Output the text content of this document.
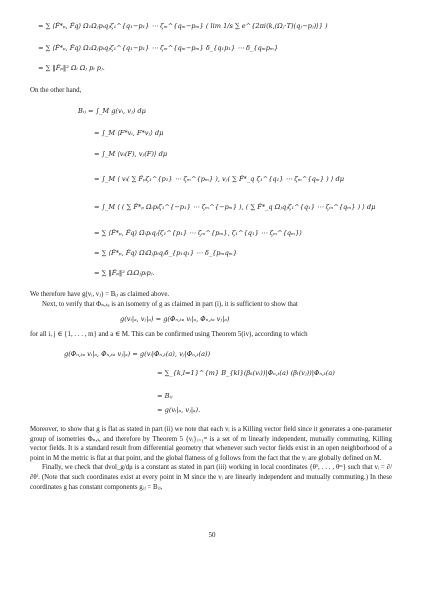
= ∑ ⟨F̂*ₚ, F̂q⟩ Ω₁Ωⱼpᵢqⱼζ₁^{q₁−p₁} ⋯ ζₘ^{qₘ−pₘ} ( lim 1/s ∑ e^{2πi⟨k,(Ωⱼ·T)(qⱼ−pⱼ)⟩} )
= ∑ ⟨F̂*ₚ, F̂q⟩ Ω₁Ωⱼpᵢqⱼζ₁^{q₁−p₁} ⋯ ζₘ^{qₘ−pₘ} δ_{q₁p₁} ⋯ δ_{qₘpₘ}
= ∑ ‖F̂ₚ‖² Ωᵢ Ωⱼ pᵢ pⱼ.

On the other hand,

Bᵢⱼ = ∫_M g(vᵢ, vⱼ) dμ
= ∫_M ⟨F*vᵢ, F*vⱼ⟩ dμ
= ∫_M ⟨vᵢ(F), vⱼ(F)⟩ dμ
= ∫_M ⟨ vᵢ( ∑ F̂ₚζ₁^{p₁} ⋯ ζₘ^{pₘ} ), vⱼ( ∑ F̂*_q ζ₁^{q₁} ⋯ ζₘ^{qₘ} ) ⟩ dμ
= ∫_M ⟨ ( ∑ F̂*ₚ Ωᵢpᵢζ₁^{−p₁} ⋯ ζₘ^{−pₘ} ), ( ∑ F̂*_q Ωⱼqⱼζ₁^{q₁} ⋯ ζₘ^{qₘ} ) ⟩ dμ
= ∑ ⟨F̂*ₚ, F̂q⟩ Ωᵢpᵢqⱼ⟨ζ₁^{p₁} ⋯ ζₘ^{pₘ}, ζ₁^{q₁} ⋯ ζₘ^{qₘ}⟩
= ∑ ⟨F̂*ₚ, F̂q⟩ ΩᵢΩⱼpᵢqⱼδ_{p₁q₁} ⋯ δ_{pₘqₘ}
= ∑ ‖F̂ₚ‖² ΩᵢΩⱼpᵢpⱼ.

We therefore have g(vᵢ, vⱼ) = Bᵢⱼ as claimed above.

Next, to verify that Φₙ,ₜₐ is an isometry of g as claimed in part (i), it is sufficient to show that

g(vᵢ|ₐ, vⱼ|ₐ) = g(Φₙ,ₜₐ vᵢ|ₐ, Φₙ,ₜₐ vⱼ|ₐ)

for all i, j ∈ {1, . . . , m} and a ∈ M. This can be confirmed using Theorem 5(iv), according to which

g(Φₙ,ₜₐ vᵢ|ₐ, Φₙ,ₜₐ vⱼ|ₐ) = g(vᵢ|Φₙ,ₜ(a), vⱼ|Φₙ,ₜ(a))
= ∑_{k,l=1}^{m} B_{kl}(βₖ(vᵢ))|Φₙ,ₜ(a) (βₗ(vⱼ))|Φₙ,ₜ(a)
= Bᵢⱼ
= g(vᵢ|ₐ, vⱼ|ₐ).

Moreover, to show that g is flat as stated in part (ii) we note that each vᵢ is a Killing vector field since it generates a one-parameter group of isometries Φₙ,ₜ, and therefore by Theorem 5 {vᵢ}ᵢ₌₁ᵐ is a set of m linearly independent, mutually commuting, Killing vector fields. It is a standard result from differential geometry that whenever such vector fields exist in an open neighborhood of a point in M the metric is flat at that point, and the global flatness of g follows from the fact that the vᵢ are globally defined on M.

Finally, we check that dvol_g/dμ is a constant as stated in part (iii) working in local coordinates {θ¹, . . . , θᵐ} such that vᵢ = ∂/∂θⁱ. (Note that such coordinates exist at every point in M since the vᵢ are linearly independent and mutually commuting.) In these coordinates g has constant components gᵢⱼ = Bᵢⱼ,

50
